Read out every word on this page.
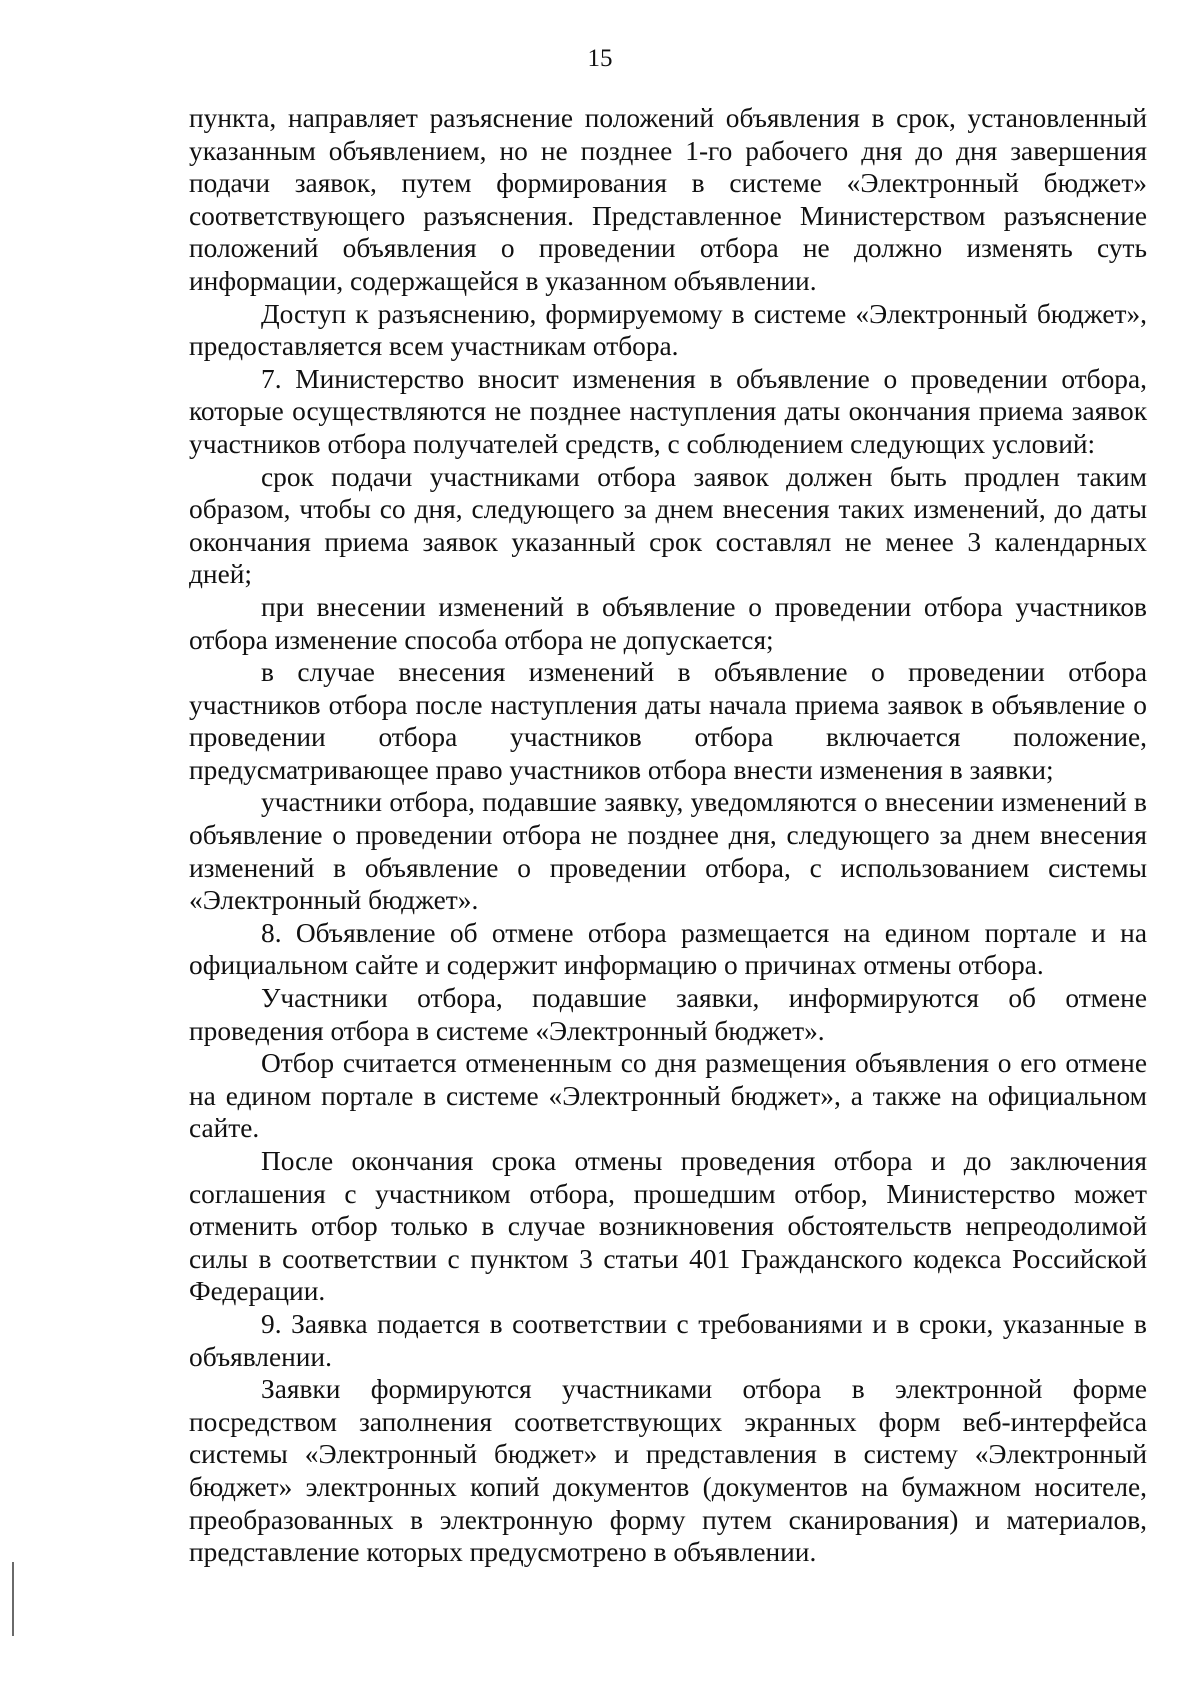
15

пункта, направляет разъяснение положений объявления в срок, установленный указанным объявлением, но не позднее 1-го рабочего дня до дня завершения подачи заявок, путем формирования в системе «Электронный бюджет» соответствующего разъяснения. Представленное Министерством разъяснение положений объявления о проведении отбора не должно изменять суть информации, содержащейся в указанном объявлении.

Доступ к разъяснению, формируемому в системе «Электронный бюджет», предоставляется всем участникам отбора.

7. Министерство вносит изменения в объявление о проведении отбора, которые осуществляются не позднее наступления даты окончания приема заявок участников отбора получателей средств, с соблюдением следующих условий:

срок подачи участниками отбора заявок должен быть продлен таким образом, чтобы со дня, следующего за днем внесения таких изменений, до даты окончания приема заявок указанный срок составлял не менее 3 календарных дней;

при внесении изменений в объявление о проведении отбора участников отбора изменение способа отбора не допускается;

в случае внесения изменений в объявление о проведении отбора участников отбора после наступления даты начала приема заявок в объявление о проведении отбора участников отбора включается положение, предусматривающее право участников отбора внести изменения в заявки;

участники отбора, подавшие заявку, уведомляются о внесении изменений в объявление о проведении отбора не позднее дня, следующего за днем внесения изменений в объявление о проведении отбора, с использованием системы «Электронный бюджет».

8. Объявление об отмене отбора размещается на едином портале и на официальном сайте и содержит информацию о причинах отмены отбора.

Участники отбора, подавшие заявки, информируются об отмене проведения отбора в системе «Электронный бюджет».

Отбор считается отмененным со дня размещения объявления о его отмене на едином портале в системе «Электронный бюджет», а также на официальном сайте.

После окончания срока отмены проведения отбора и до заключения соглашения с участником отбора, прошедшим отбор, Министерство может отменить отбор только в случае возникновения обстоятельств непреодолимой силы в соответствии с пунктом 3 статьи 401 Гражданского кодекса Российской Федерации.

9. Заявка подается в соответствии с требованиями и в сроки, указанные в объявлении.

Заявки формируются участниками отбора в электронной форме посредством заполнения соответствующих экранных форм веб-интерфейса системы «Электронный бюджет» и представления в систему «Электронный бюджет» электронных копий документов (документов на бумажном носителе, преобразованных в электронную форму путем сканирования) и материалов, представление которых предусмотрено в объявлении.
